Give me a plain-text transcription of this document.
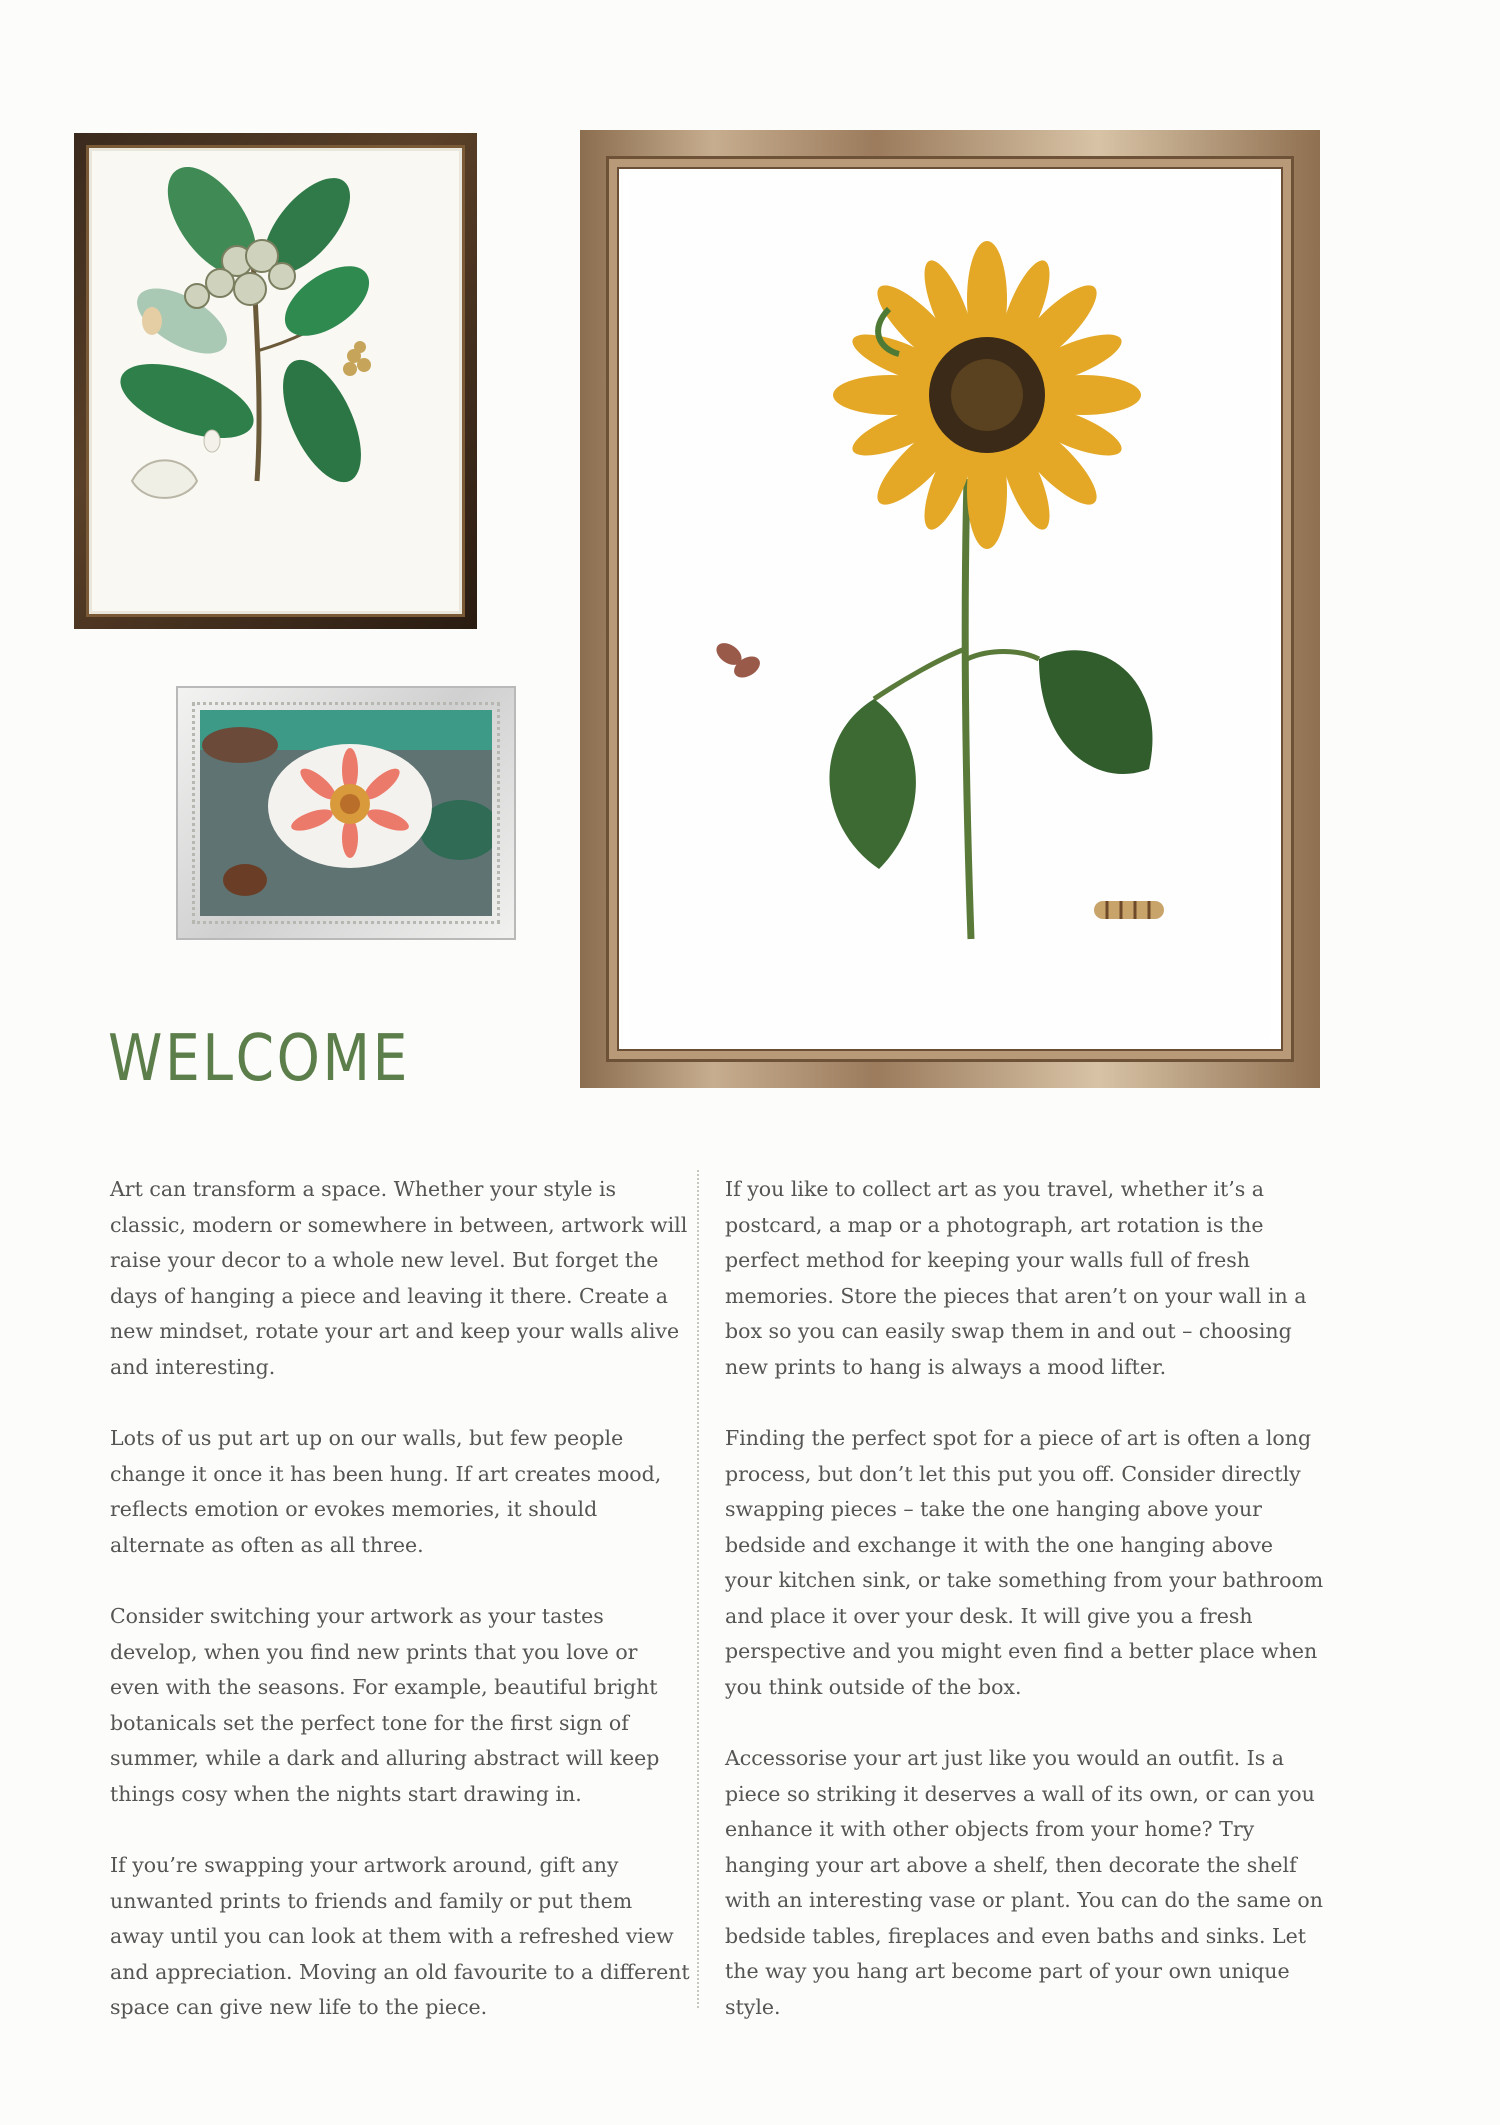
WELCOME

Art can transform a space. Whether your style is classic, modern or somewhere in between, artwork will raise your decor to a whole new level. But forget the days of hanging a piece and leaving it there. Create a new mindset, rotate your art and keep your walls alive and interesting.

Lots of us put art up on our walls, but few people change it once it has been hung. If art creates mood, reflects emotion or evokes memories, it should alternate as often as all three.

Consider switching your artwork as your tastes develop, when you find new prints that you love or even with the seasons. For example, beautiful bright botanicals set the perfect tone for the first sign of summer, while a dark and alluring abstract will keep things cosy when the nights start drawing in.

If you’re swapping your artwork around, gift any unwanted prints to friends and family or put them away until you can look at them with a refreshed view and appreciation. Moving an old favourite to a different space can give new life to the piece.

If you like to collect art as you travel, whether it’s a postcard, a map or a photograph, art rotation is the perfect method for keeping your walls full of fresh memories. Store the pieces that aren’t on your wall in a box so you can easily swap them in and out – choosing new prints to hang is always a mood lifter.

Finding the perfect spot for a piece of art is often a long process, but don’t let this put you off. Consider directly swapping pieces – take the one hanging above your bedside and exchange it with the one hanging above your kitchen sink, or take something from your bathroom and place it over your desk. It will give you a fresh perspective and you might even find a better place when you think outside of the box.

Accessorise your art just like you would an outfit. Is a piece so striking it deserves a wall of its own, or can you enhance it with other objects from your home? Try hanging your art above a shelf, then decorate the shelf with an interesting vase or plant. You can do the same on bedside tables, fireplaces and even baths and sinks. Let the way you hang art become part of your own unique style.
